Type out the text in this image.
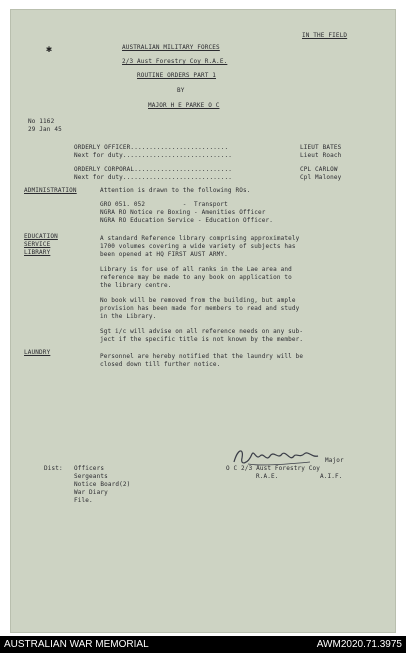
✱
IN THE FIELD
AUSTRALIAN MILITARY FORCES
2/3 Aust Forestry Coy R.A.E.
ROUTINE ORDERS PART 1
BY
MAJOR H E PARKE O C
No 1162
29 Jan 45
ORDERLY OFFICER..........................	LIEUT BATES
Next for duty.............................	Lieut Roach
ORDERLY CORPORAL..........................	CPL CARLOW
Next for duty.............................	Cpl Maloney
ADMINISTRATION	Attention is drawn to the following ROs.
GRO 051. 052          -  Transport
NGRA RO Notice re Boxing - Amenities Officer
NGRA RO Education Service - Education Officer.
EDUCATION
SERVICE
LIBRARY
A standard Reference library comprising approximately
1700 volumes covering a wide variety of subjects has
been opened at HQ FIRST AUST ARMY.
Library is for use of all ranks in the Lae area and
reference may be made to any book on application to
the library centre.
No book will be removed from the building, but ample
provision has been made for members to read and study
in the Library.
Sgt i/c will advise on all reference needs on any sub-
ject if the specific title is not known by the member.
LAUNDRY
Personnel are hereby notified that the laundry will be
closed down till further notice.
Major
O C 2/3 Aust Forestry Coy
R.A.E.           A.I.F.
Dist: Officers
Sergeants
Notice Board(2)
War Diary
File.
AUSTRALIAN WAR MEMORIAL	AWM2020.71.3975
